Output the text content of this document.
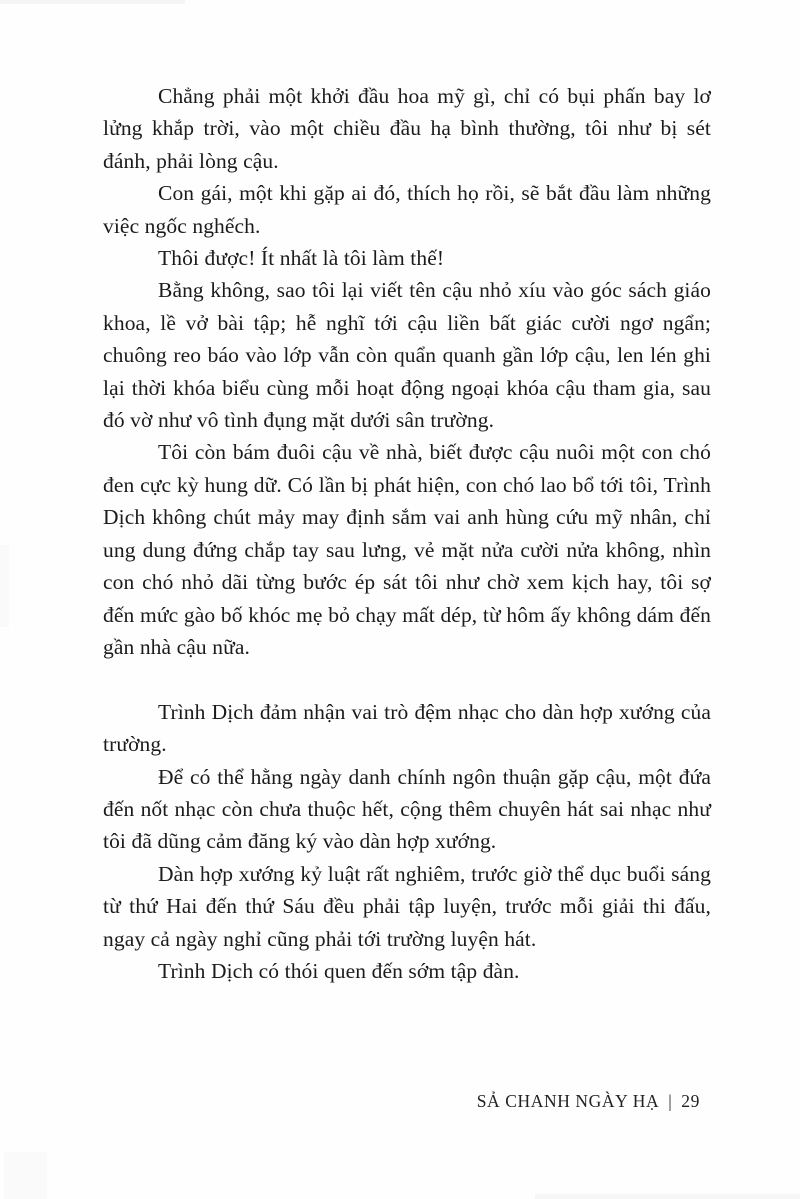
Chẳng phải một khởi đầu hoa mỹ gì, chỉ có bụi phấn bay lơ lửng khắp trời, vào một chiều đầu hạ bình thường, tôi như bị sét đánh, phải lòng cậu.

Con gái, một khi gặp ai đó, thích họ rồi, sẽ bắt đầu làm những việc ngốc nghếch.

Thôi được! Ít nhất là tôi làm thế!

Bằng không, sao tôi lại viết tên cậu nhỏ xíu vào góc sách giáo khoa, lề vở bài tập; hễ nghĩ tới cậu liền bất giác cười ngơ ngẩn; chuông reo báo vào lớp vẫn còn quẩn quanh gần lớp cậu, len lén ghi lại thời khóa biểu cùng mỗi hoạt động ngoại khóa cậu tham gia, sau đó vờ như vô tình đụng mặt dưới sân trường.

Tôi còn bám đuôi cậu về nhà, biết được cậu nuôi một con chó đen cực kỳ hung dữ. Có lần bị phát hiện, con chó lao bổ tới tôi, Trình Dịch không chút mảy may định sắm vai anh hùng cứu mỹ nhân, chỉ ung dung đứng chắp tay sau lưng, vẻ mặt nửa cười nửa không, nhìn con chó nhỏ dãi từng bước ép sát tôi như chờ xem kịch hay, tôi sợ đến mức gào bố khóc mẹ bỏ chạy mất dép, từ hôm ấy không dám đến gần nhà cậu nữa.

Trình Dịch đảm nhận vai trò đệm nhạc cho dàn hợp xướng của trường.

Để có thể hằng ngày danh chính ngôn thuận gặp cậu, một đứa đến nốt nhạc còn chưa thuộc hết, cộng thêm chuyên hát sai nhạc như tôi đã dũng cảm đăng ký vào dàn hợp xướng.

Dàn hợp xướng kỷ luật rất nghiêm, trước giờ thể dục buổi sáng từ thứ Hai đến thứ Sáu đều phải tập luyện, trước mỗi giải thi đấu, ngay cả ngày nghỉ cũng phải tới trường luyện hát.

Trình Dịch có thói quen đến sớm tập đàn.

SẢ CHANH NGÀY HẠ | 29
